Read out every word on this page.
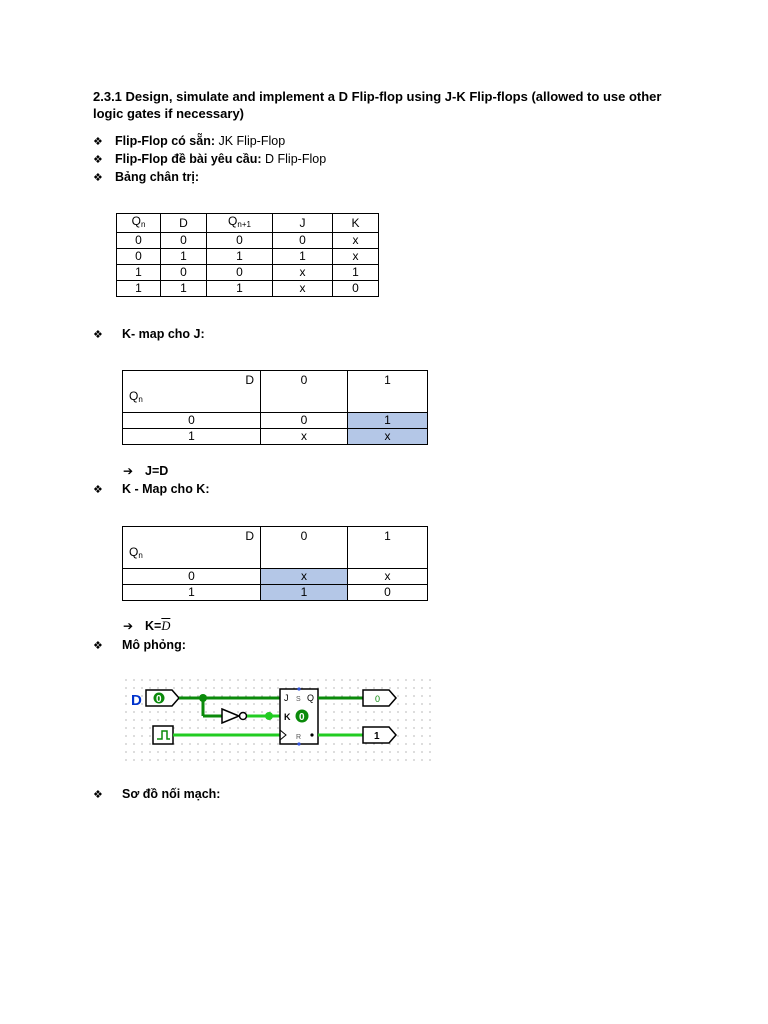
2.3.1 Design, simulate and implement a D Flip-flop using J-K Flip-flops (allowed to use other logic gates if necessary)
❖ Flip-Flop có sẵn: JK Flip-Flop
❖ Flip-Flop đề bài yêu cầu: D Flip-Flop
❖ Bảng chân trị:
$Q_n$	D	$Q_{n+1}$	J	K
0	0	0	0	x
0	1	1	1	x
1	0	0	x	1
1	1	1	x	0
❖ K- map cho J:
D
$Q_n$	0	1
0	0	1
1	x	x
➔ J=D
❖ K - Map cho K:
D
$Q_n$	0	1
0	x	x
1	1	0
➔ $K=\overline{D}$
❖ Mô phỏng:
D 0	J S Q
K 0
R
0
1
❖ Sơ đồ nối mạch:
